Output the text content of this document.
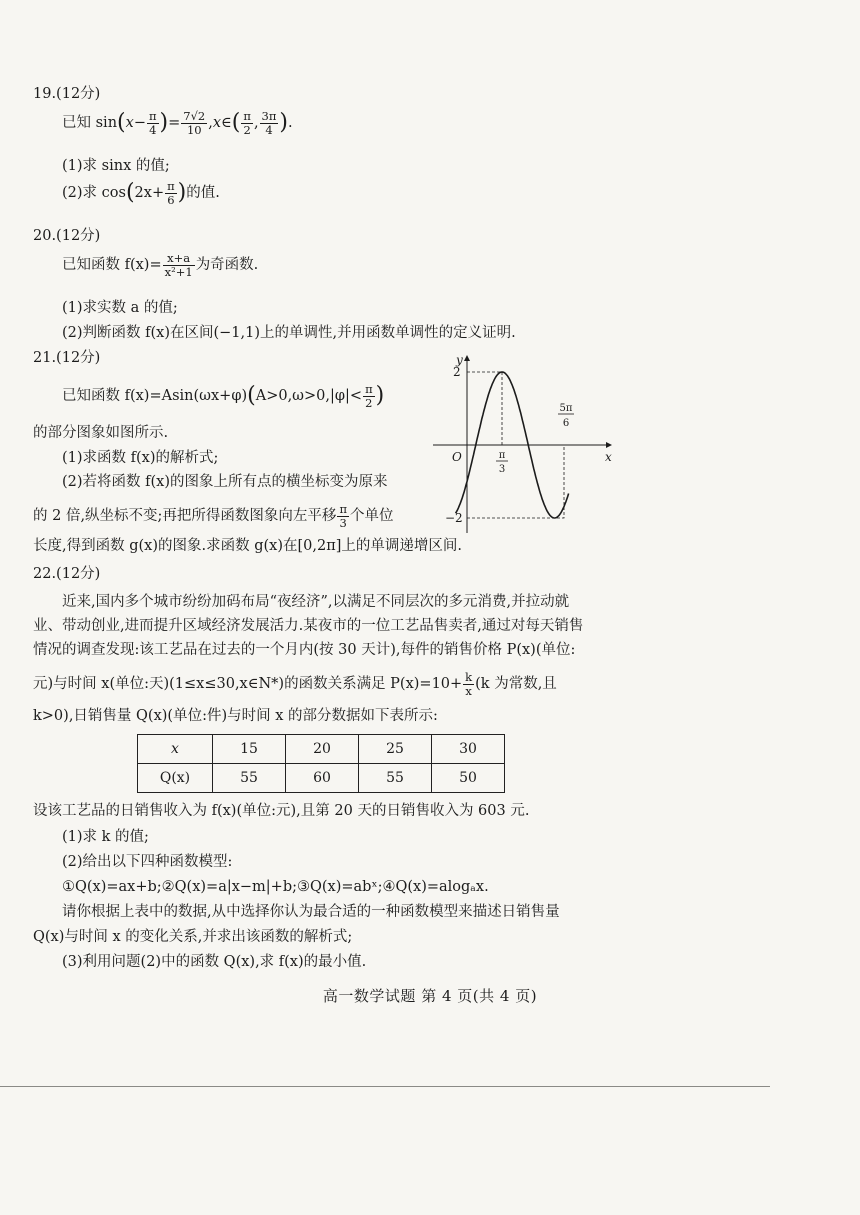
19.(12分)
已知 $\sin(x- \frac{\pi}{4}$ )= $\frac{7√2}{10}$ ,x∈( $\frac{\pi}{2}$ , $\frac{3\pi}{4}$ ).
(1)求 sinx 的值;
(2)求 $\cos(2x+ \frac{\pi}{6}$ )的值.
20.(12分)
已知函数 $f(x)= \frac{x+a}{\text{x²+1}}$ 为奇函数.
(1)求实数 a 的值;
(2)判断函数 f(x)在区间(−1,1)上的单调性,并用函数单调性的定义证明.
21.(12分)
已知函数 $f(x)=Asin(\omega x+\varphi)(A>0,\omega>0,|\varphi|< \frac{\pi}{2}$ )
的部分图象如图所示.
(1)求函数 f(x)的解析式;
(2)若将函数 f(x)的图象上所有点的横坐标变为原来
的 2 倍,纵坐标不变;再把所得函数图象向左平移 $\frac{\pi}{3}$ 个单位
长度,得到函数 g(x)的图象.求函数 g(x)在[0,2π]上的单调递增区间.
y
x
O
2
−2
π
3
5π
6
22.(12分)
近来,国内多个城市纷纷加码布局“夜经济”,以满足不同层次的多元消费,并拉动就
业、带动创业,进而提升区域经济发展活力.某夜市的一位工艺品售卖者,通过对每天销售
情况的调查发现:该工艺品在过去的一个月内(按 30 天计),每件的销售价格 P(x)(单位:
元)与时间 x(单位:天)(1≤x≤30,x∈N*)的函数关系满足 $P(x)=10+ \frac{k}{x} (k$ 为常数,且
k>0),日销售量 Q(x)(单位:件)与时间 x 的部分数据如下表所示:
x	15	20	25	30
Q(x)	55	60	55	50
设该工艺品的日销售收入为 f(x)(单位:元),且第 20 天的日销售收入为 603 元.
(1)求 k 的值;
(2)给出以下四种函数模型:
①Q(x)=ax+b;②Q(x)=a|x−m|+b;③Q(x)=abˣ;④Q(x)=alogₐx.
请你根据上表中的数据,从中选择你认为最合适的一种函数模型来描述日销售量
Q(x)与时间 x 的变化关系,并求出该函数的解析式;
(3)利用问题(2)中的函数 Q(x),求 f(x)的最小值.
高一数学试题 第 4 页(共 4 页)
